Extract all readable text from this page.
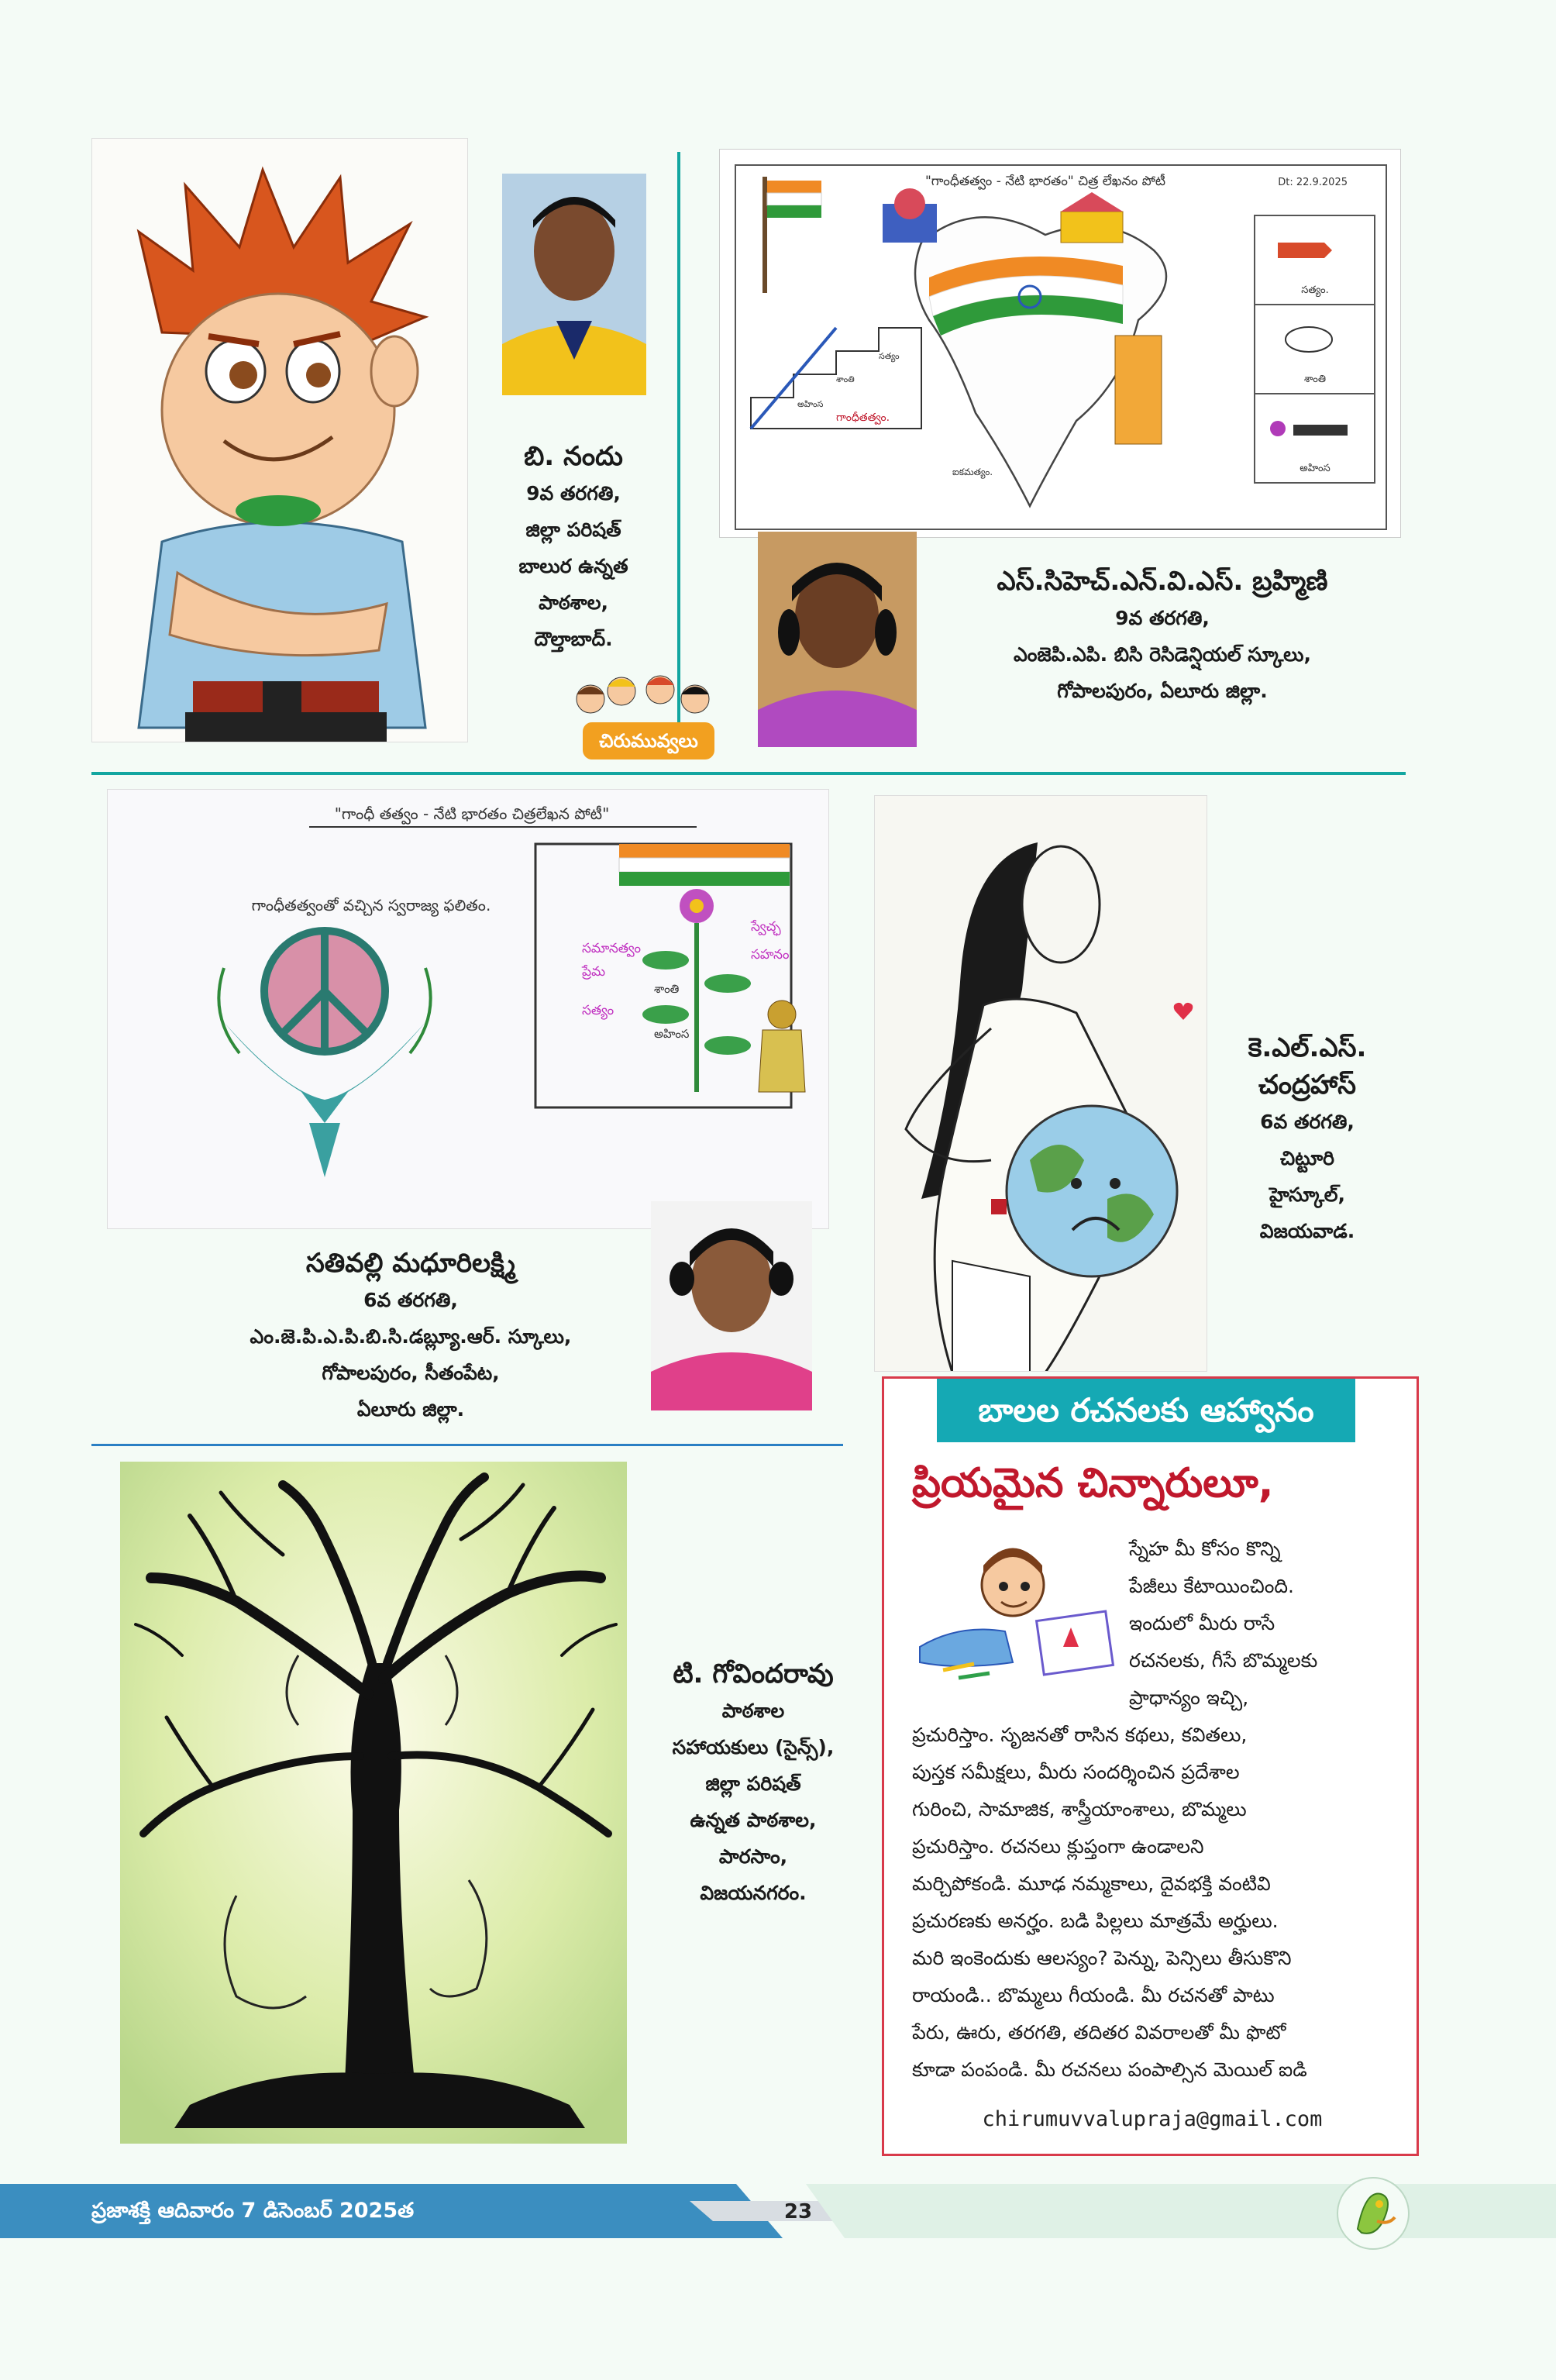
బి. నందు
9వ తరగతి,
జిల్లా పరిషత్
బాలుర ఉన్నత
పాఠశాల,
దౌల్తాబాద్.
"గాంధీతత్వం - నేటి భారతం" చిత్ర లేఖనం పోటీ	Dt: 22.9.2025
గాంధీతత్వం.
అహింస
శాంతి
సత్యం
ఐకమత్యం.
సత్యం.
శాంతి
అహింస
ఎస్.సిహెచ్.ఎన్.వి.ఎస్. బ్రహ్మిణి
9వ తరగతి,
ఎంజెపి.ఎపి. బిసి రెసిడెన్షియల్ స్కూలు,
గోపాలపురం, ఏలూరు జిల్లా.
చిరుమువ్వలు
"గాంధీ తత్వం - నేటి భారతం చిత్రలేఖన పోటీ"
గాంధీతత్వంతో వచ్చిన స్వరాజ్య ఫలితం.
సమానత్వం
ప్రేమ
సత్యం
శాంతి
అహింస
స్వేచ్ఛ
సహనం
సతివల్లి మధూరిలక్ష్మి
6వ తరగతి,
ఎం.జె.పి.ఎ.పి.బి.సి.డబ్ల్యూ.ఆర్. స్కూలు,
గోపాలపురం, సీతంపేట,
ఏలూరు జిల్లా.
కె.ఎల్.ఎస్.
చంద్రహాస్
6వ తరగతి,
చిట్టూరి
హైస్కూల్,
విజయవాడ.
టి. గోవిందరావు
పాఠశాల
సహాయకులు (సైన్స్),
జిల్లా పరిషత్
ఉన్నత పాఠశాల,
పారసాం,
విజయనగరం.
బాలల రచనలకు ఆహ్వానం
ప్రియమైన చిన్నారులూ,
స్నేహ మీ కోసం కొన్ని
పేజీలు కేటాయించింది.
ఇందులో మీరు రాసే
రచనలకు, గీసే బొమ్మలకు
ప్రాధాన్యం ఇచ్చి,
ప్రచురిస్తాం. సృజనతో రాసిన కథలు, కవితలు,
పుస్తక సమీక్షలు, మీరు సందర్శించిన ప్రదేశాల
గురించి, సామాజిక, శాస్త్రీయాంశాలు, బొమ్మలు
ప్రచురిస్తాం. రచనలు క్లుప్తంగా ఉండాలని
మర్చిపోకండి. మూఢ నమ్మకాలు, దైవభక్తి వంటివి
ప్రచురణకు అనర్హం. బడి పిల్లలు మాత్రమే అర్హులు.
మరి ఇంకెందుకు ఆలస్యం? పెన్ను, పెన్సిలు తీసుకొని
రాయండి.. బొమ్మలు గీయండి. మీ రచనతో పాటు
పేరు, ఊరు, తరగతి, తదితర వివరాలతో మీ ఫొటో
కూడా పంపండి. మీ రచనలు పంపాల్సిన మెయిల్ ఐడి
chirumuvvalupraja@gmail.com
ప్రజాశక్తి ఆదివారం 7 డిసెంబర్ 2025త	23
